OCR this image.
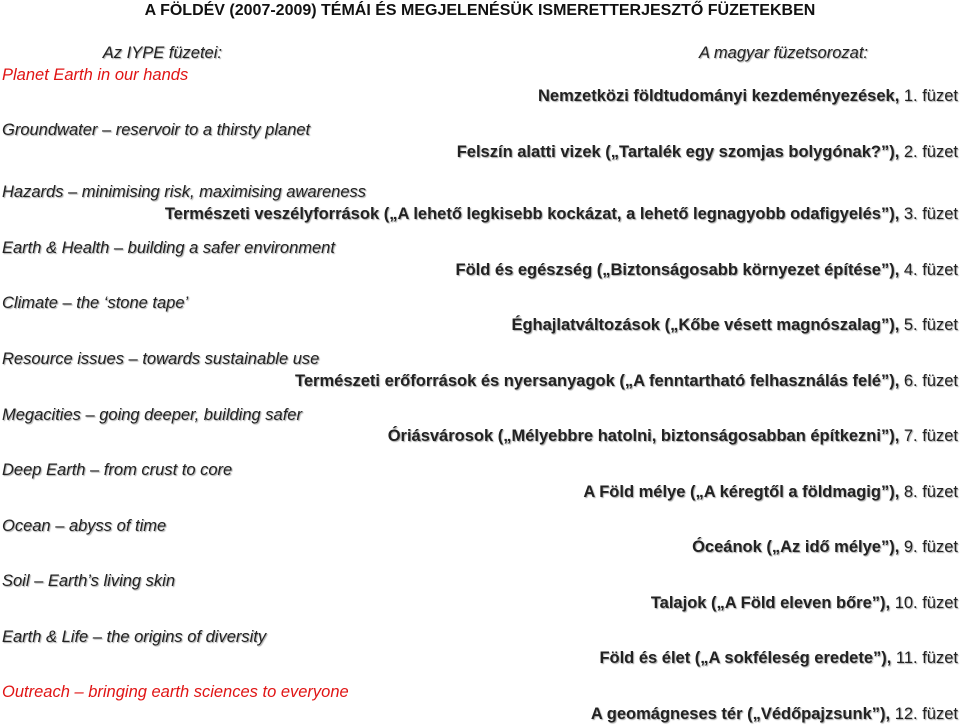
A FÖLDÉV (2007-2009) TÉMÁI ÉS MEGJELENÉSÜK ISMERETTERJESZTŐ FÜZETEKBEN
Az IYPE füzetei:	A magyar füzetsorozat:
Planet Earth in our hands
Groundwater – reservoir to a thirsty planet
Hazards – minimising risk, maximising awareness
Earth & Health – building a safer environment
Climate – the ‘stone tape’
Resource issues – towards sustainable use
Megacities – going deeper, building safer
Deep Earth – from crust to core
Ocean – abyss of time
Soil – Earth’s living skin
Earth & Life – the origins of diversity
Outreach – bringing earth sciences to everyone
Nemzetközi földtudományi kezdeményezések, 1. füzet
Felszín alatti vizek („Tartalék egy szomjas bolygónak?”), 2. füzet
Természeti veszélyforrások („A lehető legkisebb kockázat, a lehető legnagyobb odafigyelés”), 3. füzet
Föld és egészség („Biztonságosabb környezet építése”), 4. füzet
Éghajlatváltozások („Kőbe vésett magnószalag”), 5. füzet
Természeti erőforrások és nyersanyagok („A fenntartható felhasználás felé”), 6. füzet
Óriásvárosok („Mélyebbre hatolni, biztonságosabban építkezni”), 7. füzet
A Föld mélye („A kéregtől a földmagig”), 8. füzet
Óceánok („Az idő mélye”), 9. füzet
Talajok („A Föld eleven bőre”), 10. füzet
Föld és élet („A sokféleség eredete”), 11. füzet
A geomágneses tér („Védőpajzsunk”), 12. füzet
